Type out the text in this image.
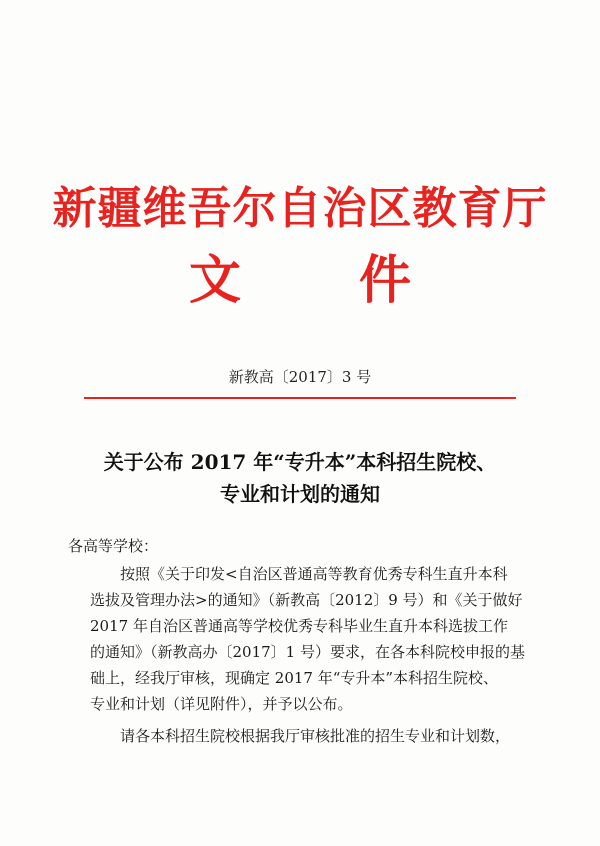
新疆维吾尔自治区教育厅
文 件
新教高〔2017〕3 号
关于公布 2017 年“专升本”本科招生院校、
专业和计划的通知
各高等学校：
按照《关于印发<自治区普通高等教育优秀专科生直升本科
选拔及管理办法>的通知》（新教高〔2012〕9 号）和《关于做好
2017 年自治区普通高等学校优秀专科毕业生直升本科选拔工作
的通知》（新教高办〔2017〕1 号）要求，在各本科院校申报的基
础上，经我厅审核，现确定 2017 年“专升本”本科招生院校、
专业和计划（详见附件），并予以公布。
请各本科招生院校根据我厅审核批准的招生专业和计划数，
